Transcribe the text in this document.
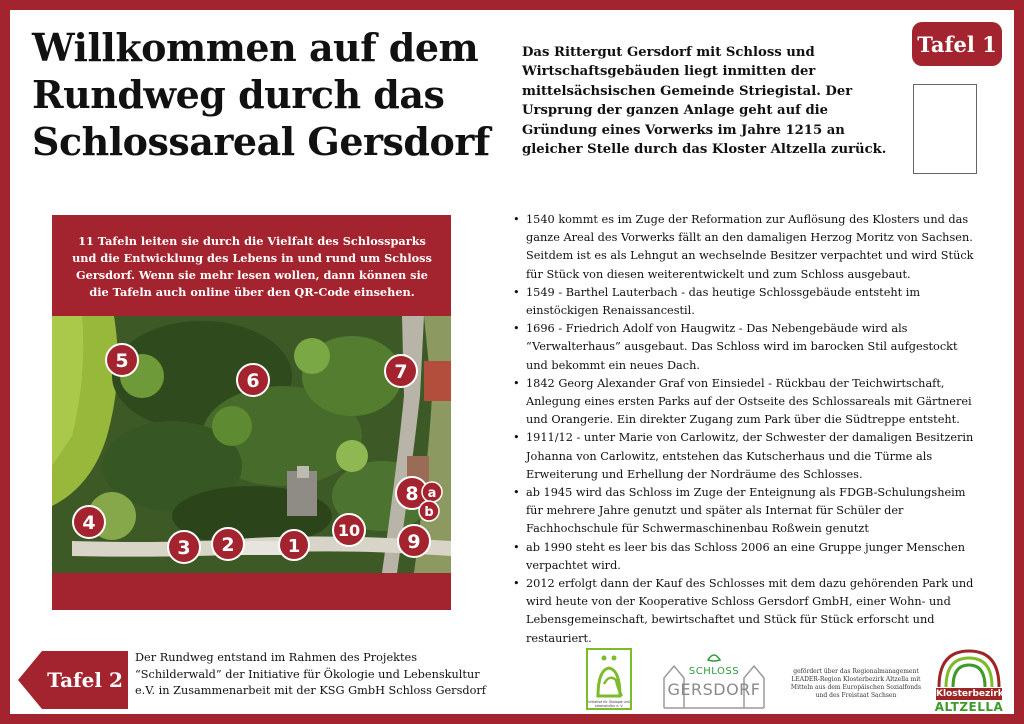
Willkommen auf dem
Rundweg durch das
Schlossareal Gersdorf

Das Rittergut Gersdorf mit Schloss und Wirtschaftsgebäuden liegt inmitten der mittelsächsischen Gemeinde Striegistal. Der Ursprung der ganzen Anlage geht auf die Gründung eines Vorwerks im Jahre 1215 an gleicher Stelle durch das Kloster Altzella zurück.

Tafel 1

11 Tafeln leiten sie durch die Vielfalt des Schlossparks und die Entwicklung des Lebens in und rund um Schloss Gersdorf. Wenn sie mehr lesen wollen, dann können sie die Tafeln auch online über den QR-Code einsehen.

5
6	7
8 a
b
4
3 2	1
10
9
• 1540 kommt es im Zuge der Reformation zur Auflösung des Klosters und das ganze Areal des Vorwerks fällt an den damaligen Herzog Moritz von Sachsen. Seitdem ist es als Lehngut an wechselnde Besitzer verpachtet und wird Stück für Stück von diesen weiterentwickelt und zum Schloss ausgebaut.
• 1549 - Barthel Lauterbach - das heutige Schlossgebäude entsteht im einstöckigen Renaissancestil.
• 1696 - Friedrich Adolf von Haugwitz - Das Nebengebäude wird als “Verwalterhaus” ausgebaut. Das Schloss wird im barocken Stil aufgestockt und bekommt ein neues Dach.
• 1842 Georg Alexander Graf von Einsiedel - Rückbau der Teichwirtschaft, Anlegung eines ersten Parks auf der Ostseite des Schlossareals mit Gärtnerei und Orangerie. Ein direkter Zugang zum Park über die Südtreppe entsteht.
• 1911/12 - unter Marie von Carlowitz, der Schwester der damaligen Besitzerin Johanna von Carlowitz, entstehen das Kutscherhaus und die Türme als Erweiterung und Erhellung der Nordräume des Schlosses.
• ab 1945 wird das Schloss im Zuge der Enteignung als FDGB-Schulungsheim für mehrere Jahre genutzt und später als Internat für Schüler der Fachhochschule für Schwermaschinenbau Roßwein genutzt
• ab 1990 steht es leer bis das Schloss 2006 an eine Gruppe junger Menschen verpachtet wird.
• 2012 erfolgt dann der Kauf des Schlosses mit dem dazu gehörenden Park und wird heute von der Kooperative Schloss Gersdorf GmbH, einer Wohn- und Lebensgemeinschaft, bewirtschaftet und Stück für Stück erforscht und restauriert.
Tafel 2

Der Rundweg entstand im Rahmen des Projektes “Schilderwald” der Initiative für Ökologie und Lebenskultur e.V. in Zusammenarbeit mit der KSG GmbH Schloss Gersdorf

Initiative für Ökologie und Lebenskultur e. V.
SCHLOSS
GERSDORF

gefördert über das Regionalmanagement LEADER-Region Klosterbezirk Altzella mit Mitteln aus dem Europäischen Sozialfonds und des Freistaat Sachsen	Klosterbezirk
ALTZELLA
